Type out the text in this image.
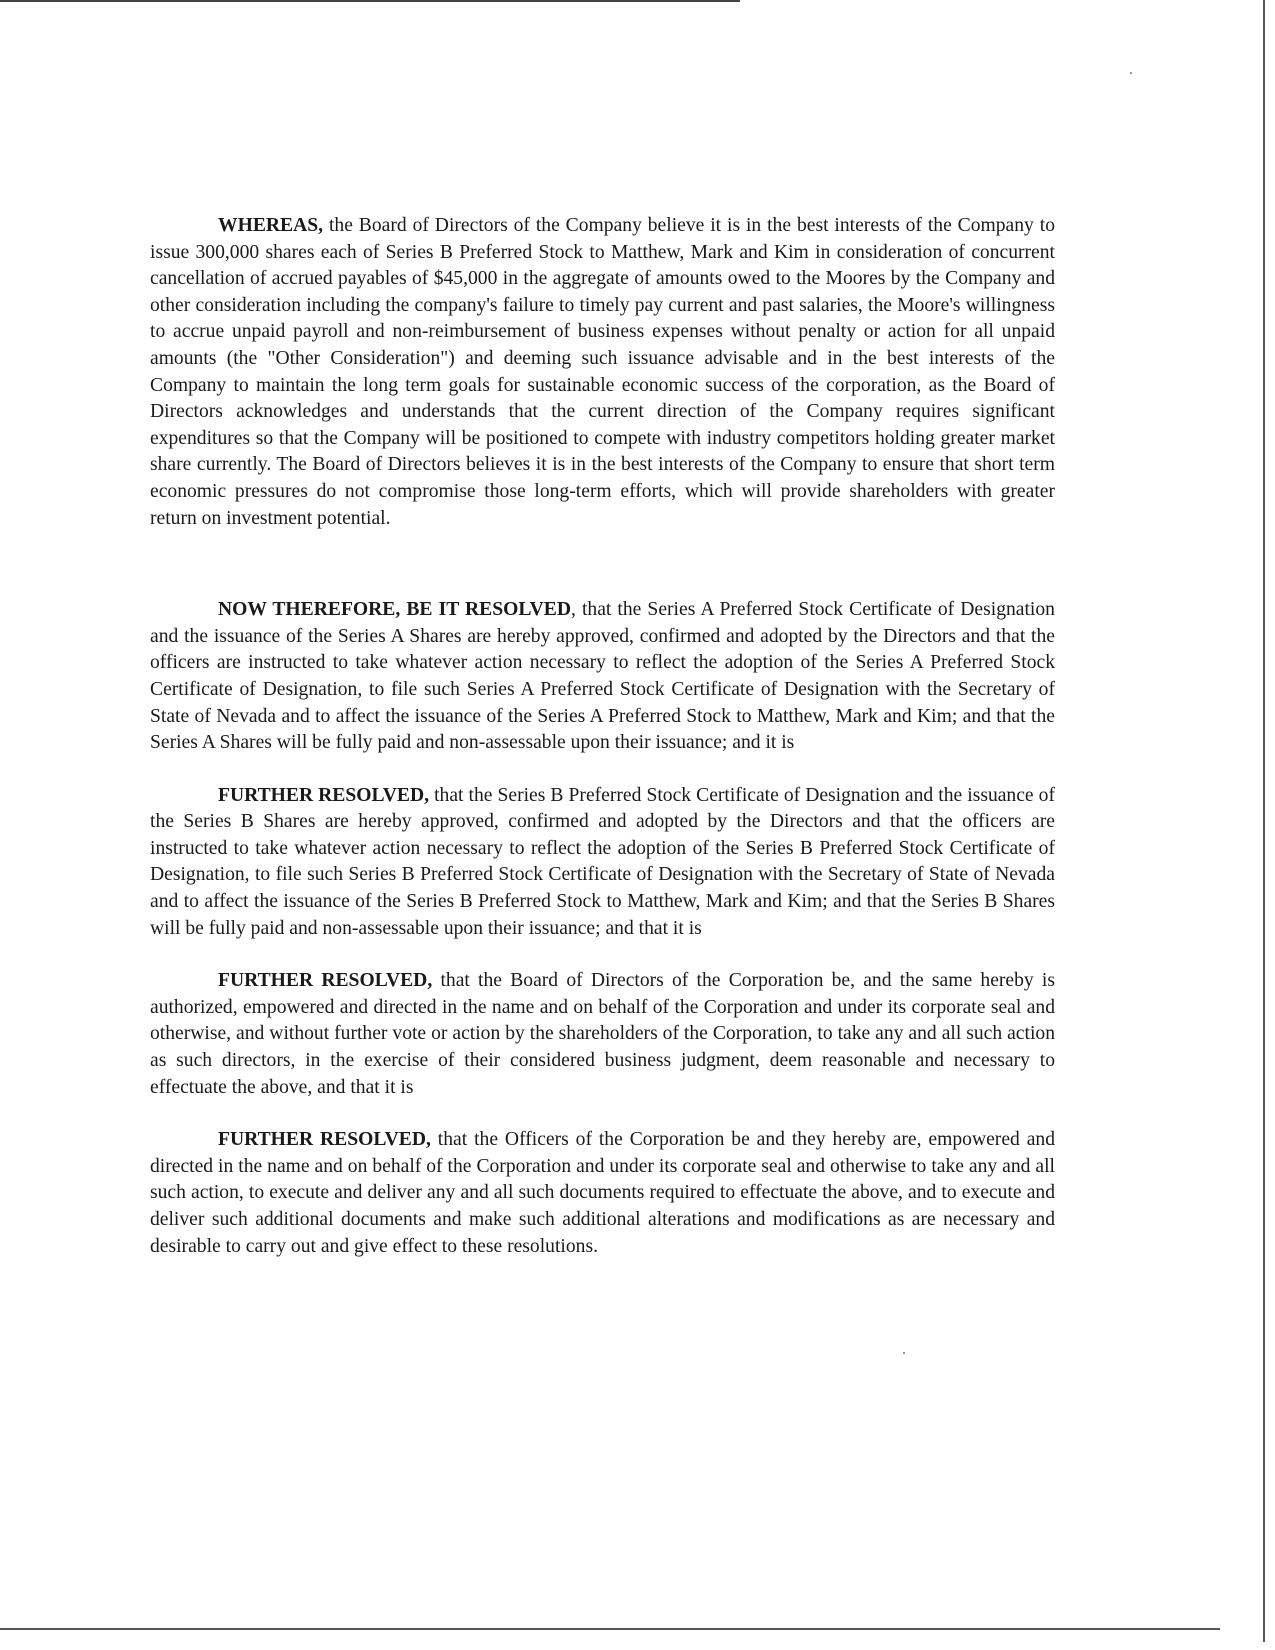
WHEREAS, the Board of Directors of the Company believe it is in the best interests of the Company to issue 300,000 shares each of Series B Preferred Stock to Matthew, Mark and Kim in consideration of concurrent cancellation of accrued payables of $45,000 in the aggregate of amounts owed to the Moores by the Company and other consideration including the company's failure to timely pay current and past salaries, the Moore's willingness to accrue unpaid payroll and non-reimbursement of business expenses without penalty or action for all unpaid amounts (the "Other Consideration") and deeming such issuance advisable and in the best interests of the Company to maintain the long term goals for sustainable economic success of the corporation, as the Board of Directors acknowledges and understands that the current direction of the Company requires significant expenditures so that the Company will be positioned to compete with industry competitors holding greater market share currently. The Board of Directors believes it is in the best interests of the Company to ensure that short term economic pressures do not compromise those long-term efforts, which will provide shareholders with greater return on investment potential.

NOW THEREFORE, BE IT RESOLVED, that the Series A Preferred Stock Certificate of Designation and the issuance of the Series A Shares are hereby approved, confirmed and adopted by the Directors and that the officers are instructed to take whatever action necessary to reflect the adoption of the Series A Preferred Stock Certificate of Designation, to file such Series A Preferred Stock Certificate of Designation with the Secretary of State of Nevada and to affect the issuance of the Series A Preferred Stock to Matthew, Mark and Kim; and that the Series A Shares will be fully paid and non-assessable upon their issuance; and it is

FURTHER RESOLVED, that the Series B Preferred Stock Certificate of Designation and the issuance of the Series B Shares are hereby approved, confirmed and adopted by the Directors and that the officers are instructed to take whatever action necessary to reflect the adoption of the Series B Preferred Stock Certificate of Designation, to file such Series B Preferred Stock Certificate of Designation with the Secretary of State of Nevada and to affect the issuance of the Series B Preferred Stock to Matthew, Mark and Kim; and that the Series B Shares will be fully paid and non-assessable upon their issuance; and that it is

FURTHER RESOLVED, that the Board of Directors of the Corporation be, and the same hereby is authorized, empowered and directed in the name and on behalf of the Corporation and under its corporate seal and otherwise, and without further vote or action by the shareholders of the Corporation, to take any and all such action as such directors, in the exercise of their considered business judgment, deem reasonable and necessary to effectuate the above, and that it is

FURTHER RESOLVED, that the Officers of the Corporation be and they hereby are, empowered and directed in the name and on behalf of the Corporation and under its corporate seal and otherwise to take any and all such action, to execute and deliver any and all such documents required to effectuate the above, and to execute and deliver such additional documents and make such additional alterations and modifications as are necessary and desirable to carry out and give effect to these resolutions.
